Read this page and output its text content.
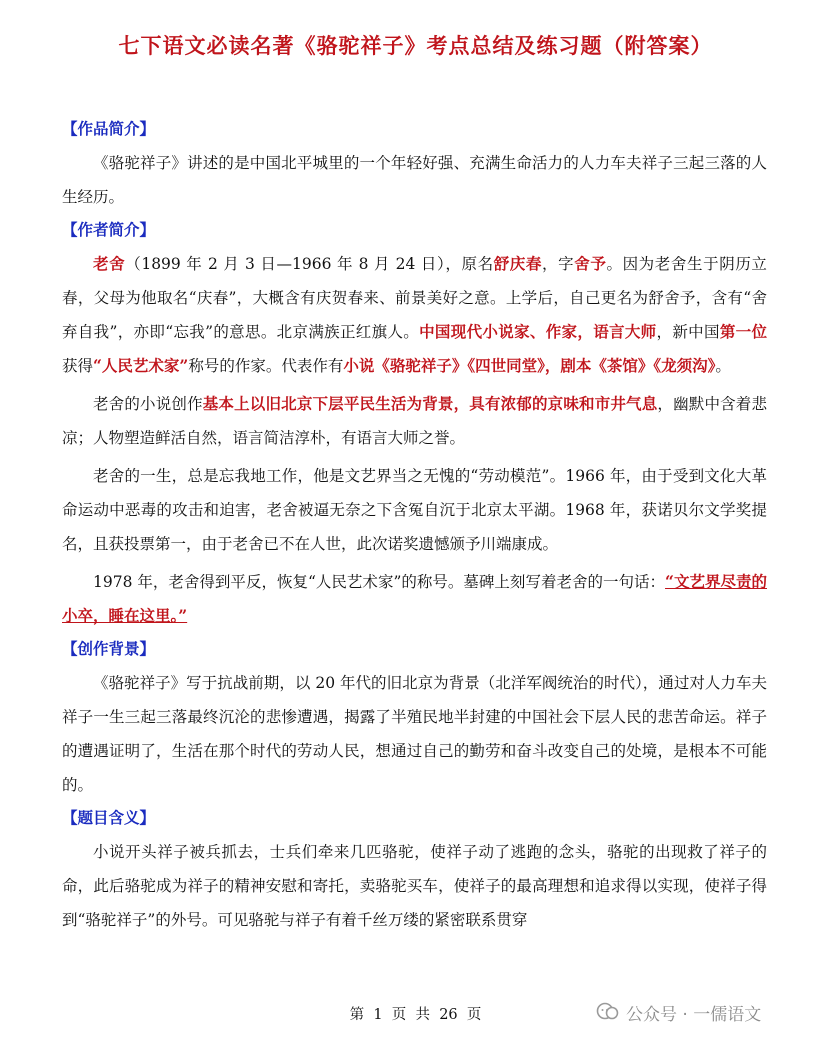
七下语文必读名著《骆驼祥子》考点总结及练习题（附答案）
【作品简介】

《骆驼祥子》讲述的是中国北平城里的一个年轻好强、充满生命活力的人力车夫祥子三起三落的人生经历。

【作者简介】

老舍（1899 年 2 月 3 日—1966 年 8 月 24 日），原名舒庆春，字舍予。因为老舍生于阴历立春，父母为他取名“庆春”，大概含有庆贺春来、前景美好之意。上学后，自己更名为舒舍予，含有“舍弃自我”，亦即“忘我”的意思。北京满族正红旗人。中国现代小说家、作家，语言大师，新中国第一位获得“人民艺术家”称号的作家。代表作有小说《骆驼祥子》《四世同堂》，剧本《茶馆》《龙须沟》。

老舍的小说创作基本上以旧北京下层平民生活为背景，具有浓郁的京味和市井气息，幽默中含着悲凉；人物塑造鲜活自然，语言简洁淳朴，有语言大师之誉。

老舍的一生，总是忘我地工作，他是文艺界当之无愧的“劳动模范”。1966 年，由于受到文化大革命运动中恶毒的攻击和迫害，老舍被逼无奈之下含冤自沉于北京太平湖。1968 年，获诺贝尔文学奖提名，且获投票第一，由于老舍已不在人世，此次诺奖遗憾颁予川端康成。

1978 年，老舍得到平反，恢复“人民艺术家”的称号。墓碑上刻写着老舍的一句话：“文艺界尽责的小卒，睡在这里。”

【创作背景】

《骆驼祥子》写于抗战前期，以 20 年代的旧北京为背景（北洋军阀统治的时代），通过对人力车夫祥子一生三起三落最终沉沦的悲惨遭遇，揭露了半殖民地半封建的中国社会下层人民的悲苦命运。祥子的遭遇证明了，生活在那个时代的劳动人民，想通过自己的勤劳和奋斗改变自己的处境，是根本不可能的。

【题目含义】

小说开头祥子被兵抓去，士兵们牵来几匹骆驼，使祥子动了逃跑的念头，骆驼的出现救了祥子的命，此后骆驼成为祥子的精神安慰和寄托，卖骆驼买车，使祥子的最高理想和追求得以实现，使祥子得到“骆驼祥子”的外号。可见骆驼与祥子有着千丝万缕的紧密联系贯穿

第  1  页  共  26  页	公众号 · 一儒语文
